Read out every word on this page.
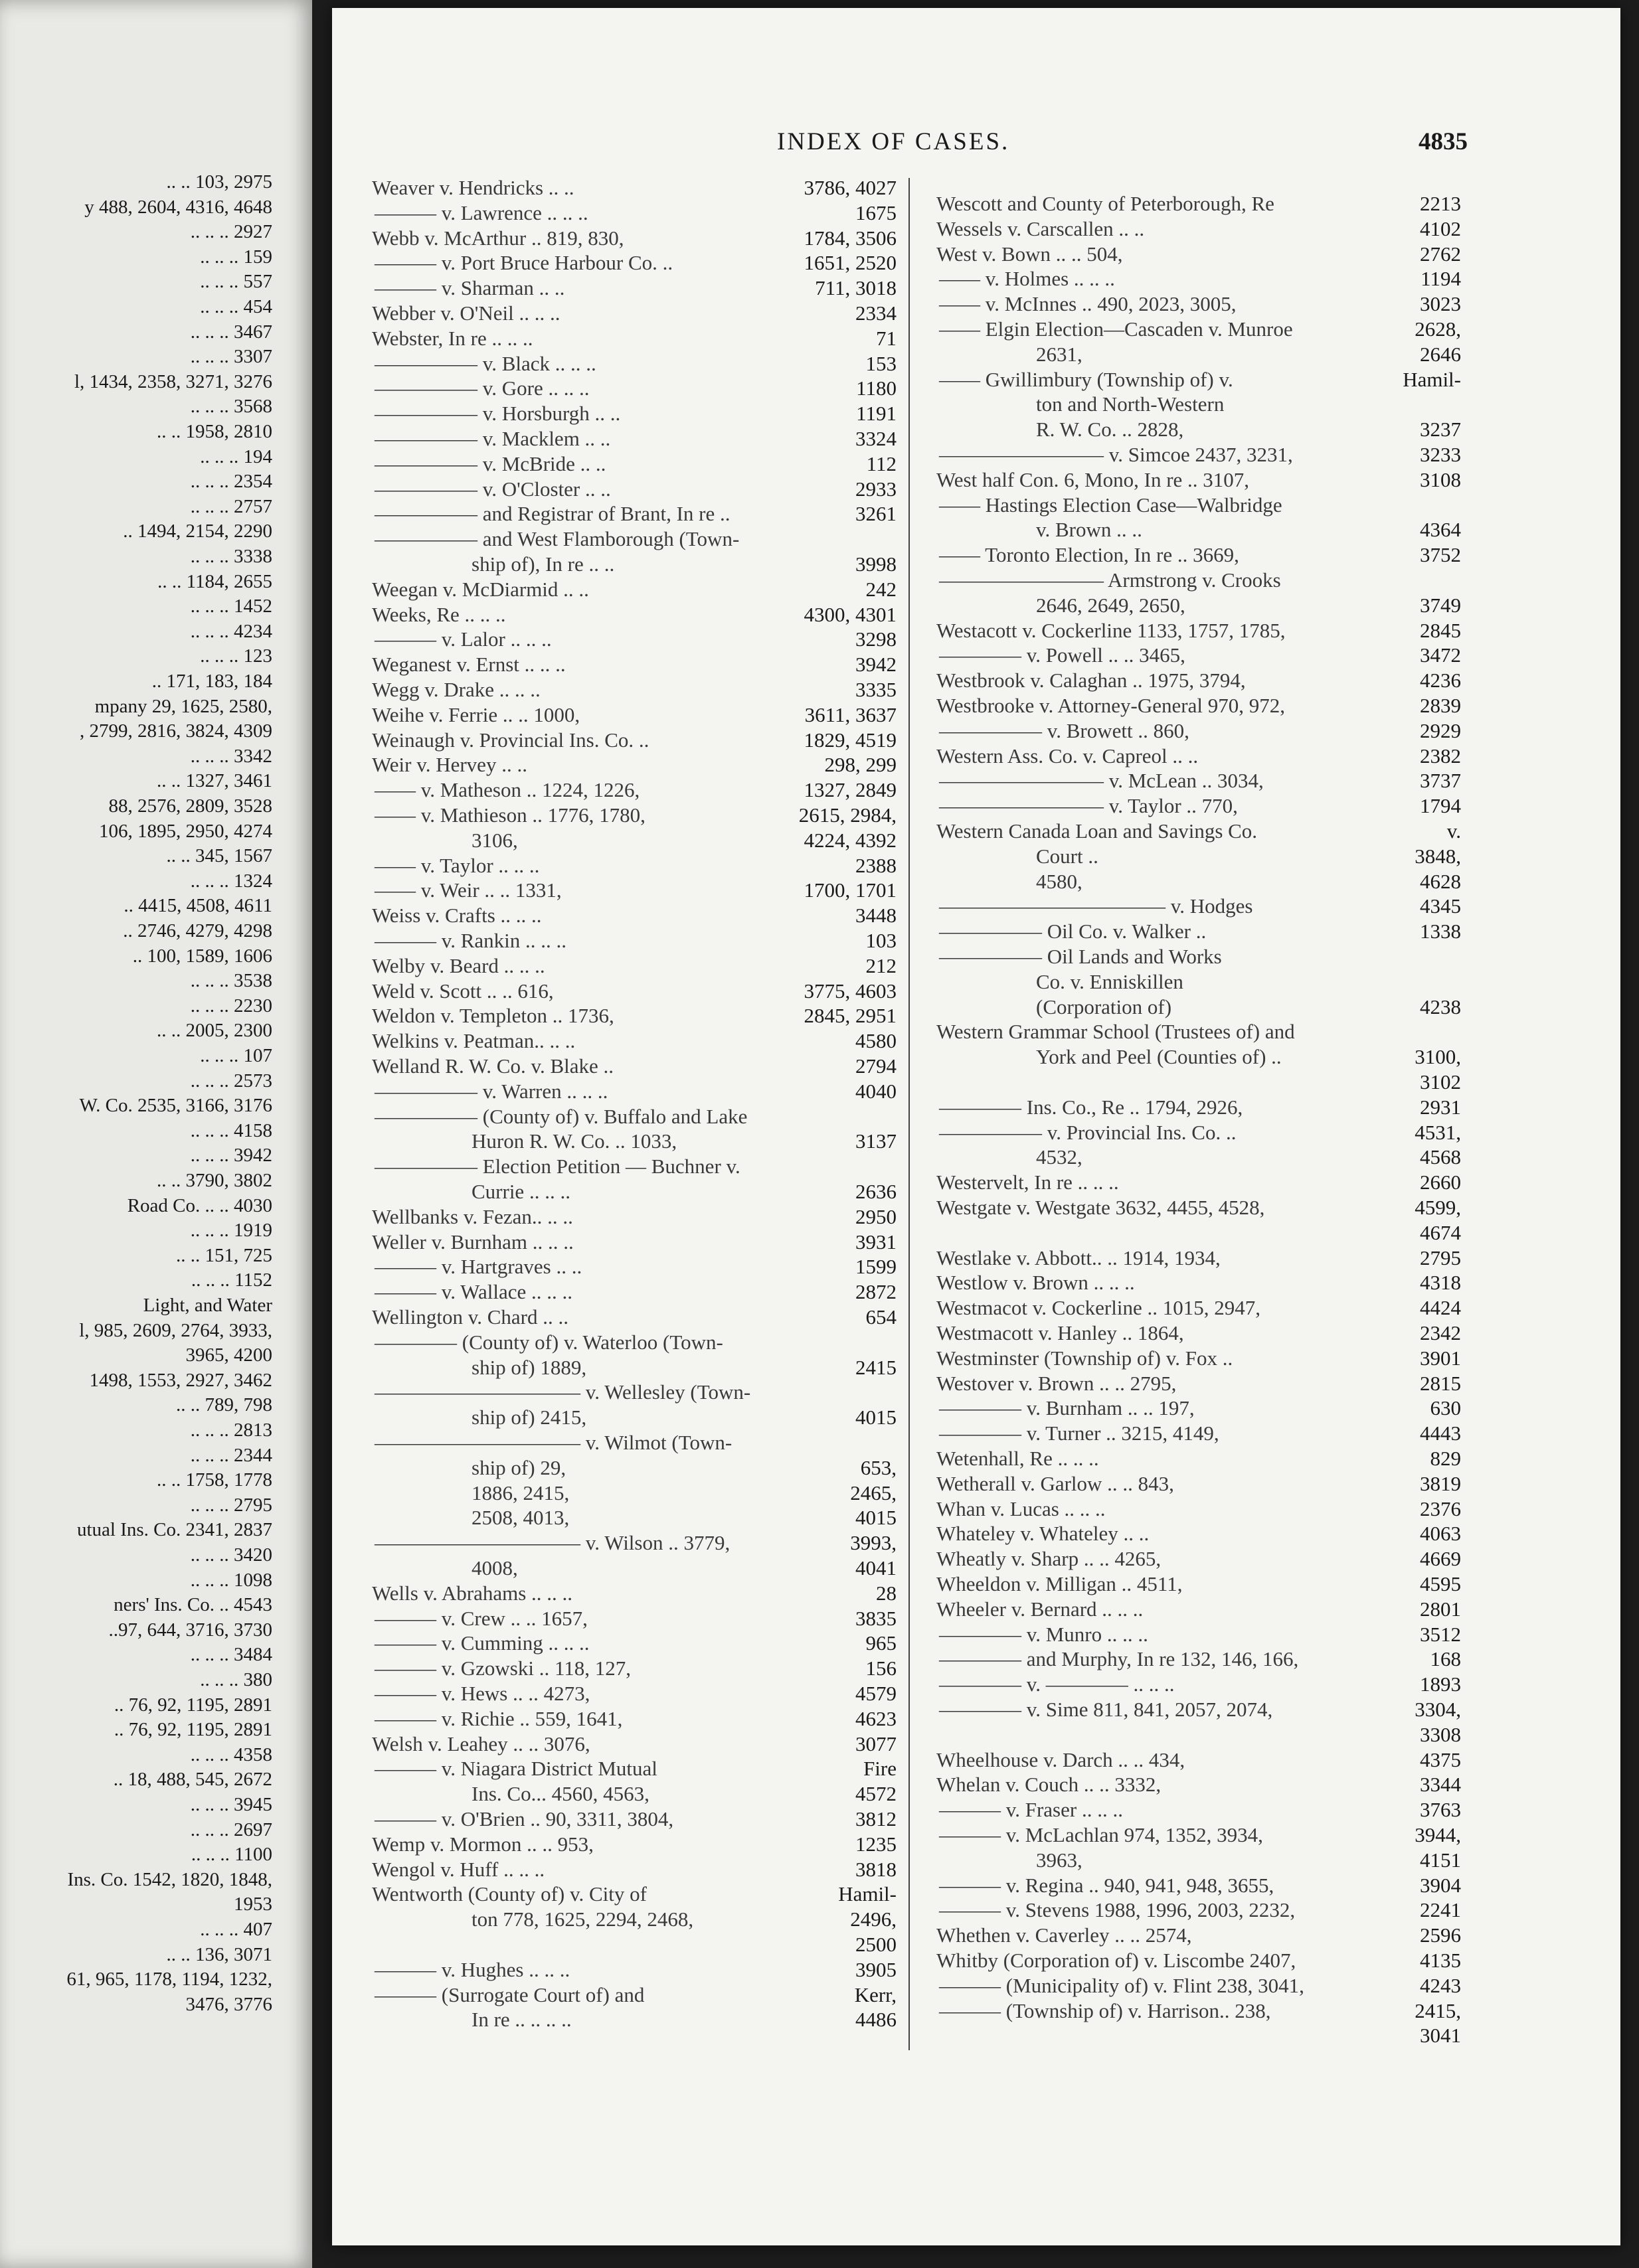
.. .. 103, 2975
y 488, 2604, 4316, 4648
.. .. .. 2927
.. .. .. 159
.. .. .. 557
.. .. .. 454
.. .. .. 3467
.. .. .. 3307
l, 1434, 2358, 3271, 3276
.. .. .. 3568
.. .. 1958, 2810
.. .. .. 194
.. .. .. 2354
.. .. .. 2757
.. 1494, 2154, 2290
.. .. .. 3338
.. .. 1184, 2655
.. .. .. 1452
.. .. .. 4234
.. .. .. 123
.. 171, 183, 184
mpany 29, 1625, 2580,
, 2799, 2816, 3824, 4309
.. .. .. 3342
.. .. 1327, 3461
88, 2576, 2809, 3528
106, 1895, 2950, 4274
.. .. 345, 1567
.. .. .. 1324
.. 4415, 4508, 4611
.. 2746, 4279, 4298
.. 100, 1589, 1606
.. .. .. 3538
.. .. .. 2230
.. .. 2005, 2300
.. .. .. 107
.. .. .. 2573
W. Co. 2535, 3166, 3176
.. .. .. 4158
.. .. .. 3942
.. .. 3790, 3802
Road Co. .. .. 4030
.. .. .. 1919
.. .. 151, 725
.. .. .. 1152
Light, and Water
l, 985, 2609, 2764, 3933,
3965, 4200
1498, 1553, 2927, 3462
.. .. 789, 798
.. .. .. 2813
.. .. .. 2344
.. .. 1758, 1778
.. .. .. 2795
utual Ins. Co. 2341, 2837
.. .. .. 3420
.. .. .. 1098
ners' Ins. Co. .. 4543
..97, 644, 3716, 3730
.. .. .. 3484
.. .. .. 380
.. 76, 92, 1195, 2891
.. 76, 92, 1195, 2891
.. .. .. 4358
.. 18, 488, 545, 2672
.. .. .. 3945
.. .. .. 2697
.. .. .. 1100
Ins. Co. 1542, 1820, 1848,
1953
.. .. .. 407
.. .. 136, 3071
61, 965, 1178, 1194, 1232,
3476, 3776
INDEX OF CASES.	4835
Weaver v. Hendricks .. ..	3786, 4027
——— v. Lawrence .. .. ..	1675
Webb v. McArthur .. 819, 830,	1784, 3506
——— v. Port Bruce Harbour Co. ..	1651, 2520
——— v. Sharman .. ..	711, 3018
Webber v. O'Neil .. .. ..	2334
Webster, In re .. .. ..	71
————— v. Black .. .. ..	153
————— v. Gore .. .. ..	1180
————— v. Horsburgh .. ..	1191
————— v. Macklem .. ..	3324
————— v. McBride .. ..	112
————— v. O'Closter .. ..	2933
————— and Registrar of Brant, In re ..	3261
————— and West Flamborough (Town-
ship of), In re .. ..	3998
Weegan v. McDiarmid .. ..	242
Weeks, Re .. .. ..	4300, 4301
——— v. Lalor .. .. ..	3298
Weganest v. Ernst .. .. ..	3942
Wegg v. Drake .. .. ..	3335
Weihe v. Ferrie .. .. 1000,	3611, 3637
Weinaugh v. Provincial Ins. Co. ..	1829, 4519
Weir v. Hervey .. ..	298, 299
—— v. Matheson .. 1224, 1226,	1327, 2849
—— v. Mathieson .. 1776, 1780,	2615, 2984,
3106,	4224, 4392
—— v. Taylor .. .. ..	2388
—— v. Weir .. .. 1331,	1700, 1701
Weiss v. Crafts .. .. ..	3448
——— v. Rankin .. .. ..	103
Welby v. Beard .. .. ..	212
Weld v. Scott .. .. 616,	3775, 4603
Weldon v. Templeton .. 1736,	2845, 2951
Welkins v. Peatman.. .. ..	4580
Welland R. W. Co. v. Blake ..	2794
————— v. Warren .. .. ..	4040
————— (County of) v. Buffalo and Lake
Huron R. W. Co. .. 1033,	3137
————— Election Petition — Buchner v.
Currie .. .. ..	2636
Wellbanks v. Fezan.. .. ..	2950
Weller v. Burnham .. .. ..	3931
——— v. Hartgraves .. ..	1599
——— v. Wallace .. .. ..	2872
Wellington v. Chard .. ..	654
———— (County of) v. Waterloo (Town-
ship of) 1889,	2415
—————————— v. Wellesley (Town-
ship of) 2415,	4015
—————————— v. Wilmot (Town-
ship of) 29,	653,
1886, 2415,	2465,
2508, 4013,	4015
—————————— v. Wilson .. 3779,	3993,
4008,	4041
Wells v. Abrahams .. .. ..	28
——— v. Crew .. .. 1657,	3835
——— v. Cumming .. .. ..	965
——— v. Gzowski .. 118, 127,	156
——— v. Hews .. .. 4273,	4579
——— v. Richie .. 559, 1641,	4623
Welsh v. Leahey .. .. 3076,	3077
——— v. Niagara District Mutual	Fire
Ins. Co... 4560, 4563,	4572
——— v. O'Brien .. 90, 3311, 3804,	3812
Wemp v. Mormon .. .. 953,	1235
Wengol v. Huff .. .. ..	3818
Wentworth (County of) v. City of	Hamil-
ton 778, 1625, 2294, 2468,	2496,
2500
——— v. Hughes .. .. ..	3905
——— (Surrogate Court of) and	Kerr,
In re .. .. .. ..	4486
Wescott and County of Peterborough, Re	2213
Wessels v. Carscallen .. ..	4102
West v. Bown .. .. 504,	2762
—— v. Holmes .. .. ..	1194
—— v. McInnes .. 490, 2023, 3005,	3023
—— Elgin Election—Cascaden v. Munroe	2628,
2631,	2646
—— Gwillimbury (Township of) v.	Hamil-
ton and North-Western
R. W. Co. .. 2828,	3237
———————— v. Simcoe 2437, 3231,	3233
West half Con. 6, Mono, In re .. 3107,	3108
—— Hastings Election Case—Walbridge
v. Brown .. ..	4364
—— Toronto Election, In re .. 3669,	3752
———————— Armstrong v. Crooks
2646, 2649, 2650,	3749
Westacott v. Cockerline 1133, 1757, 1785,	2845
———— v. Powell .. .. 3465,	3472
Westbrook v. Calaghan .. 1975, 3794,	4236
Westbrooke v. Attorney-General 970, 972,	2839
————— v. Browett .. 860,	2929
Western Ass. Co. v. Capreol .. ..	2382
———————— v. McLean .. 3034,	3737
———————— v. Taylor .. 770,	1794
Western Canada Loan and Savings Co.	v.
Court ..	3848,
4580,	4628
——————————— v. Hodges	4345
————— Oil Co. v. Walker ..	1338
————— Oil Lands and Works
Co. v. Enniskillen
(Corporation of)	4238
Western Grammar School (Trustees of) and
York and Peel (Counties of) ..	3100,
3102
———— Ins. Co., Re .. 1794, 2926,	2931
————— v. Provincial Ins. Co. ..	4531,
4532,	4568
Westervelt, In re .. .. ..	2660
Westgate v. Westgate 3632, 4455, 4528,	4599,
4674
Westlake v. Abbott.. .. 1914, 1934,	2795
Westlow v. Brown .. .. ..	4318
Westmacot v. Cockerline .. 1015, 2947,	4424
Westmacott v. Hanley .. 1864,	2342
Westminster (Township of) v. Fox ..	3901
Westover v. Brown .. .. 2795,	2815
———— v. Burnham .. .. 197,	630
———— v. Turner .. 3215, 4149,	4443
Wetenhall, Re .. .. ..	829
Wetherall v. Garlow .. .. 843,	3819
Whan v. Lucas .. .. ..	2376
Whateley v. Whateley .. ..	4063
Wheatly v. Sharp .. .. 4265,	4669
Wheeldon v. Milligan .. 4511,	4595
Wheeler v. Bernard .. .. ..	2801
———— v. Munro .. .. ..	3512
———— and Murphy, In re 132, 146, 166,	168
———— v. ———— .. .. ..	1893
———— v. Sime 811, 841, 2057, 2074,	3304,
3308
Wheelhouse v. Darch .. .. 434,	4375
Whelan v. Couch .. .. 3332,	3344
——— v. Fraser .. .. ..	3763
——— v. McLachlan 974, 1352, 3934,	3944,
3963,	4151
——— v. Regina .. 940, 941, 948, 3655,	3904
——— v. Stevens 1988, 1996, 2003, 2232,	2241
Whethen v. Caverley .. .. 2574,	2596
Whitby (Corporation of) v. Liscombe 2407,	4135
——— (Municipality of) v. Flint 238, 3041,	4243
——— (Township of) v. Harrison.. 238,	2415,
3041
